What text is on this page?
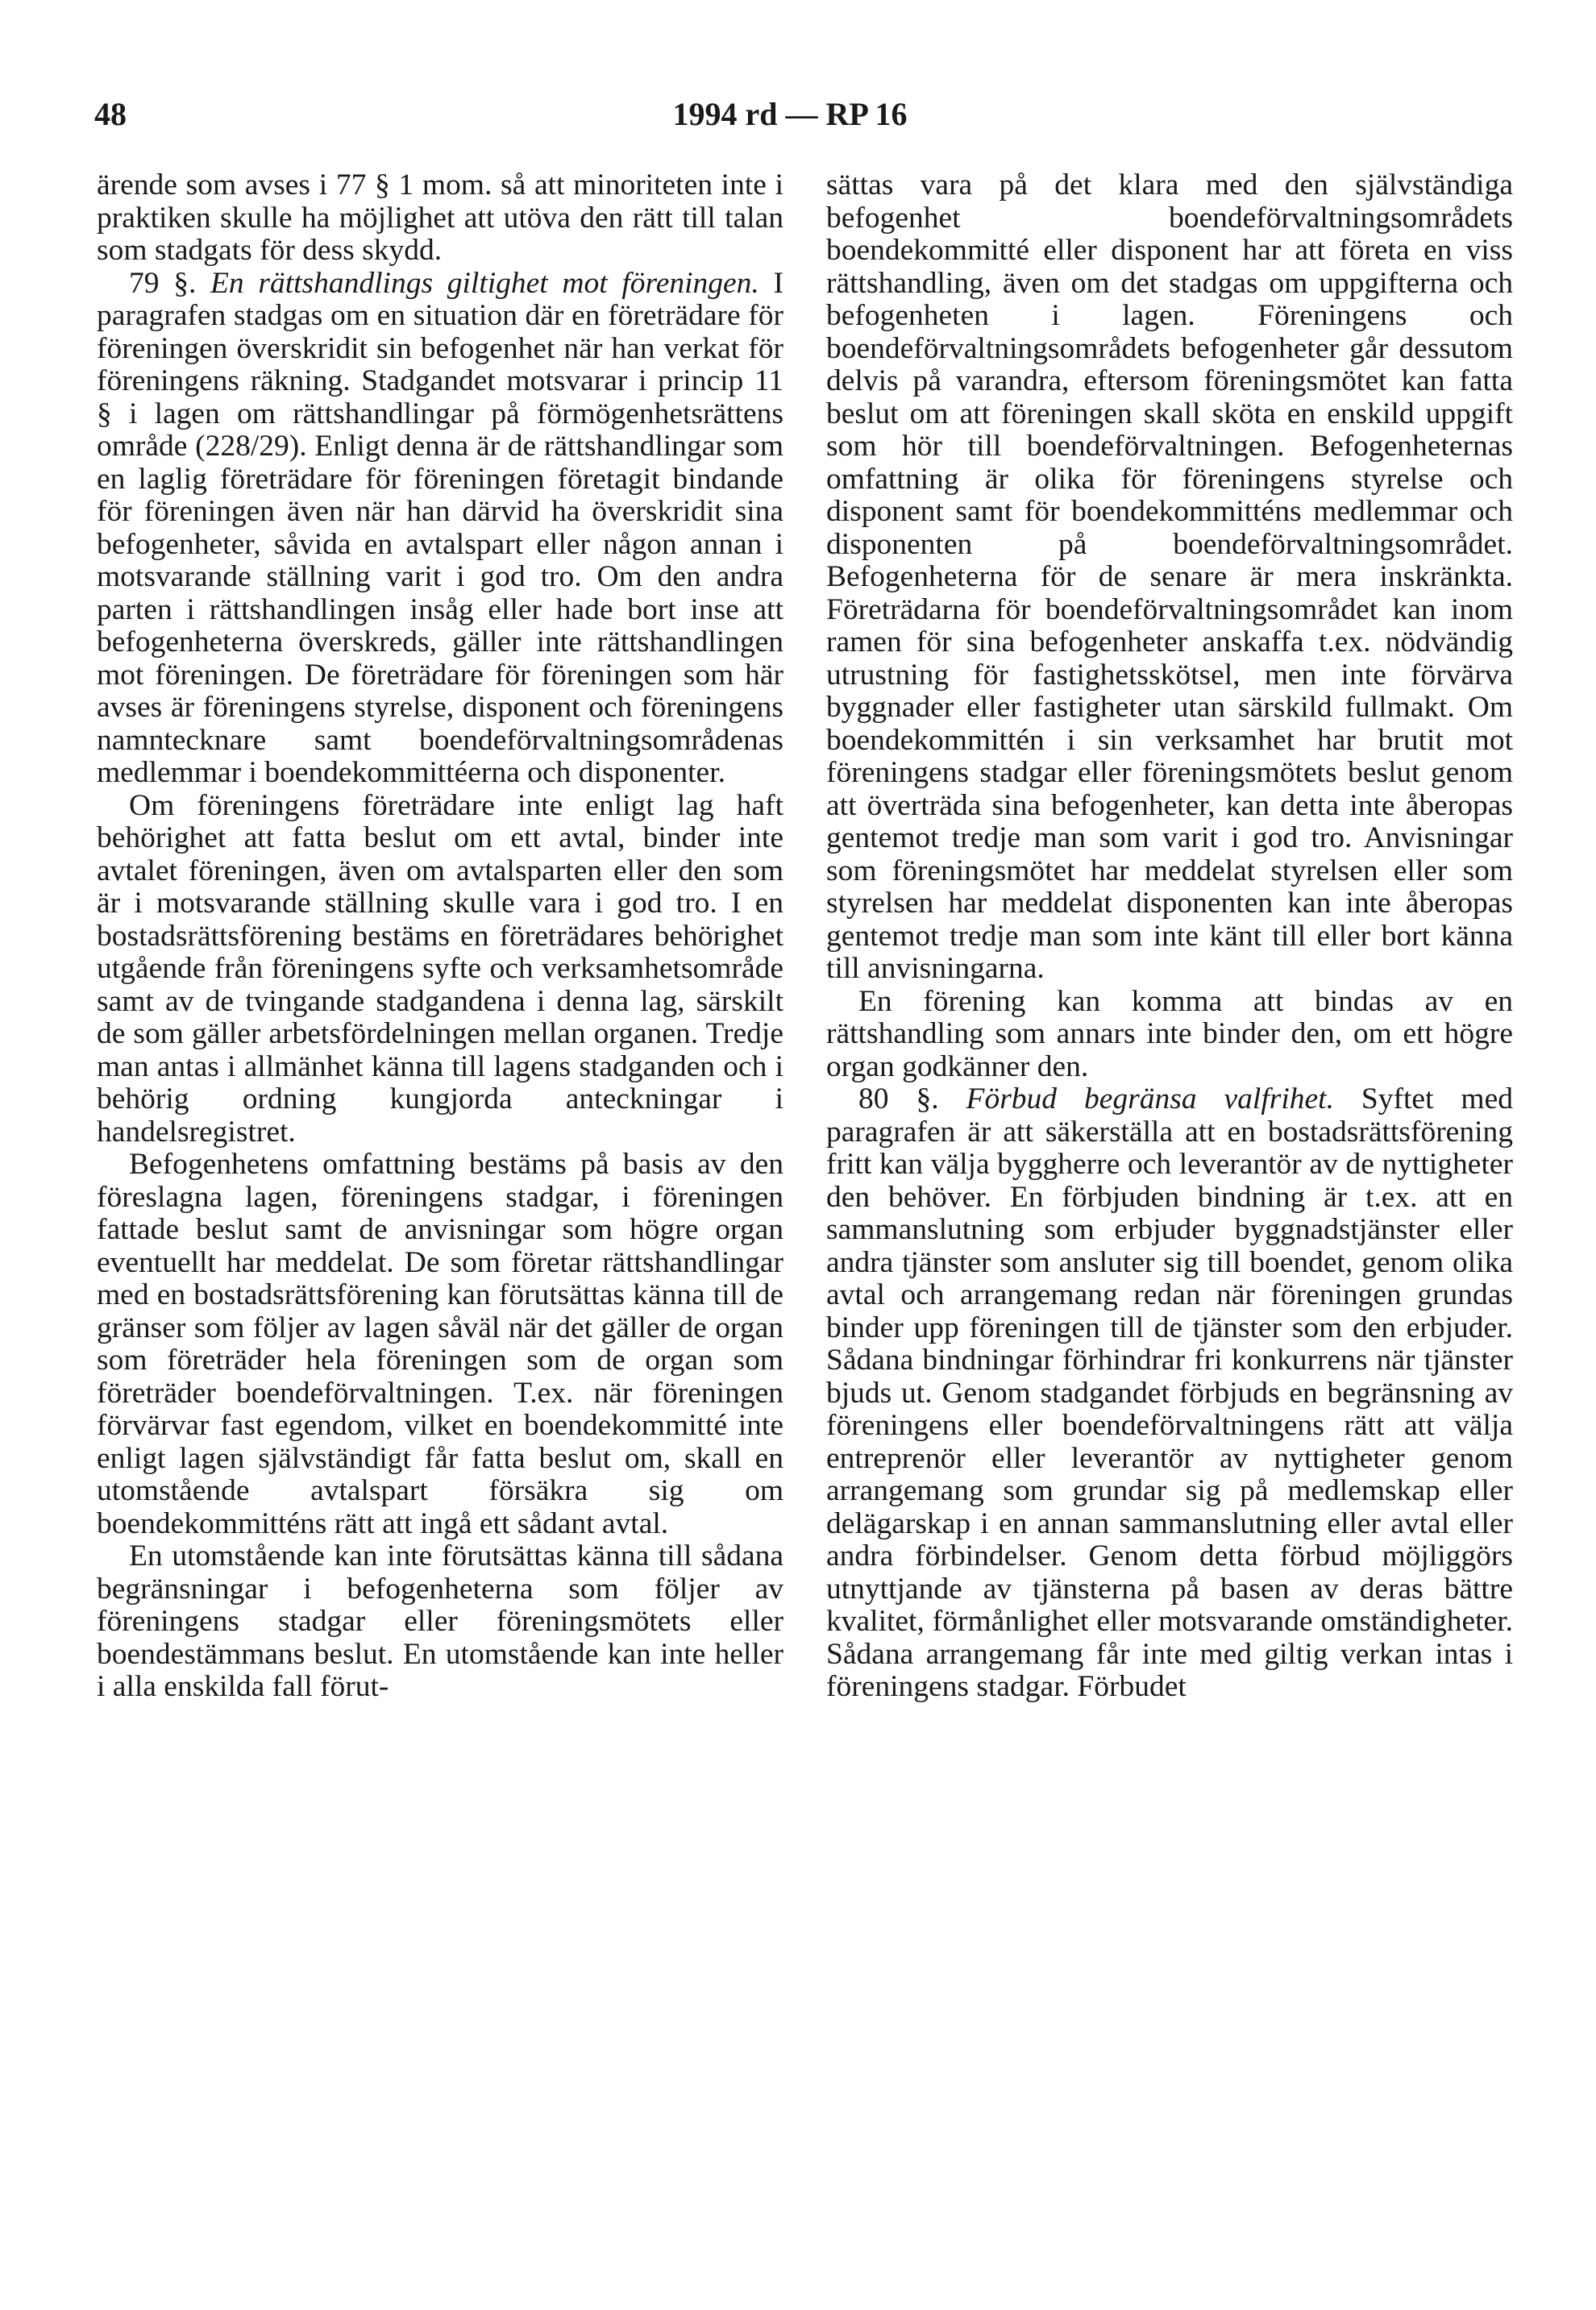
48	1994 rd — RP 16

ärende som avses i 77 § 1 mom. så att minoriteten inte i praktiken skulle ha möjlighet att utöva den rätt till talan som stadgats för dess skydd.

79 §. En rättshandlings giltighet mot föreningen. I paragrafen stadgas om en situation där en företrädare för föreningen överskridit sin befogenhet när han verkat för föreningens räkning. Stadgandet motsvarar i princip 11 § i lagen om rättshandlingar på förmögenhetsrättens område (228/29). Enligt denna är de rättshandlingar som en laglig företrädare för föreningen företagit bindande för föreningen även när han därvid ha överskridit sina befogenheter, såvida en avtalspart eller någon annan i motsvarande ställning varit i god tro. Om den andra parten i rättshandlingen insåg eller hade bort inse att befogenheterna överskreds, gäller inte rättshandlingen mot föreningen. De företrädare för föreningen som här avses är föreningens styrelse, disponent och föreningens namntecknare samt boendeförvaltningsområdenas medlemmar i boendekommittéerna och disponenter.

Om föreningens företrädare inte enligt lag haft behörighet att fatta beslut om ett avtal, binder inte avtalet föreningen, även om avtalsparten eller den som är i motsvarande ställning skulle vara i god tro. I en bostadsrättsförening bestäms en företrädares behörighet utgående från föreningens syfte och verksamhetsområde samt av de tvingande stadgandena i denna lag, särskilt de som gäller arbetsfördelningen mellan organen. Tredje man antas i allmänhet känna till lagens stadganden och i behörig ordning kungjorda anteckningar i handelsregistret.

Befogenhetens omfattning bestäms på basis av den föreslagna lagen, föreningens stadgar, i föreningen fattade beslut samt de anvisningar som högre organ eventuellt har meddelat. De som företar rättshandlingar med en bostadsrättsförening kan förutsättas känna till de gränser som följer av lagen såväl när det gäller de organ som företräder hela föreningen som de organ som företräder boendeförvaltningen. T.ex. när föreningen förvärvar fast egendom, vilket en boendekommitté inte enligt lagen självständigt får fatta beslut om, skall en utomstående avtalspart försäkra sig om boendekommitténs rätt att ingå ett sådant avtal.

En utomstående kan inte förutsättas känna till sådana begränsningar i befogenheterna som följer av föreningens stadgar eller föreningsmötets eller boendestämmans beslut. En utomstående kan inte heller i alla enskilda fall förut-

sättas vara på det klara med den självständiga befogenhet boendeförvaltningsområdets boendekommitté eller disponent har att företa en viss rättshandling, även om det stadgas om uppgifterna och befogenheten i lagen. Föreningens och boendeförvaltningsområdets befogenheter går dessutom delvis på varandra, eftersom föreningsmötet kan fatta beslut om att föreningen skall sköta en enskild uppgift som hör till boendeförvaltningen. Befogenheternas omfattning är olika för föreningens styrelse och disponent samt för boendekommitténs medlemmar och disponenten på boendeförvaltningsområdet. Befogenheterna för de senare är mera inskränkta. Företrädarna för boendeförvaltningsområdet kan inom ramen för sina befogenheter anskaffa t.ex. nödvändig utrustning för fastighetsskötsel, men inte förvärva byggnader eller fastigheter utan särskild fullmakt. Om boendekommittén i sin verksamhet har brutit mot föreningens stadgar eller föreningsmötets beslut genom att överträda sina befogenheter, kan detta inte åberopas gentemot tredje man som varit i god tro. Anvisningar som föreningsmötet har meddelat styrelsen eller som styrelsen har meddelat disponenten kan inte åberopas gentemot tredje man som inte känt till eller bort känna till anvisningarna.

En förening kan komma att bindas av en rättshandling som annars inte binder den, om ett högre organ godkänner den.

80 §. Förbud begränsa valfrihet. Syftet med paragrafen är att säkerställa att en bostadsrättsförening fritt kan välja byggherre och leverantör av de nyttigheter den behöver. En förbjuden bindning är t.ex. att en sammanslutning som erbjuder byggnadstjänster eller andra tjänster som ansluter sig till boendet, genom olika avtal och arrangemang redan när föreningen grundas binder upp föreningen till de tjänster som den erbjuder. Sådana bindningar förhindrar fri konkurrens när tjänster bjuds ut. Genom stadgandet förbjuds en begränsning av föreningens eller boendeförvaltningens rätt att välja entreprenör eller leverantör av nyttigheter genom arrangemang som grundar sig på medlemskap eller delägarskap i en annan sammanslutning eller avtal eller andra förbindelser. Genom detta förbud möjliggörs utnyttjande av tjänsterna på basen av deras bättre kvalitet, förmånlighet eller motsvarande omständigheter. Sådana arrangemang får inte med giltig verkan intas i föreningens stadgar. Förbudet
